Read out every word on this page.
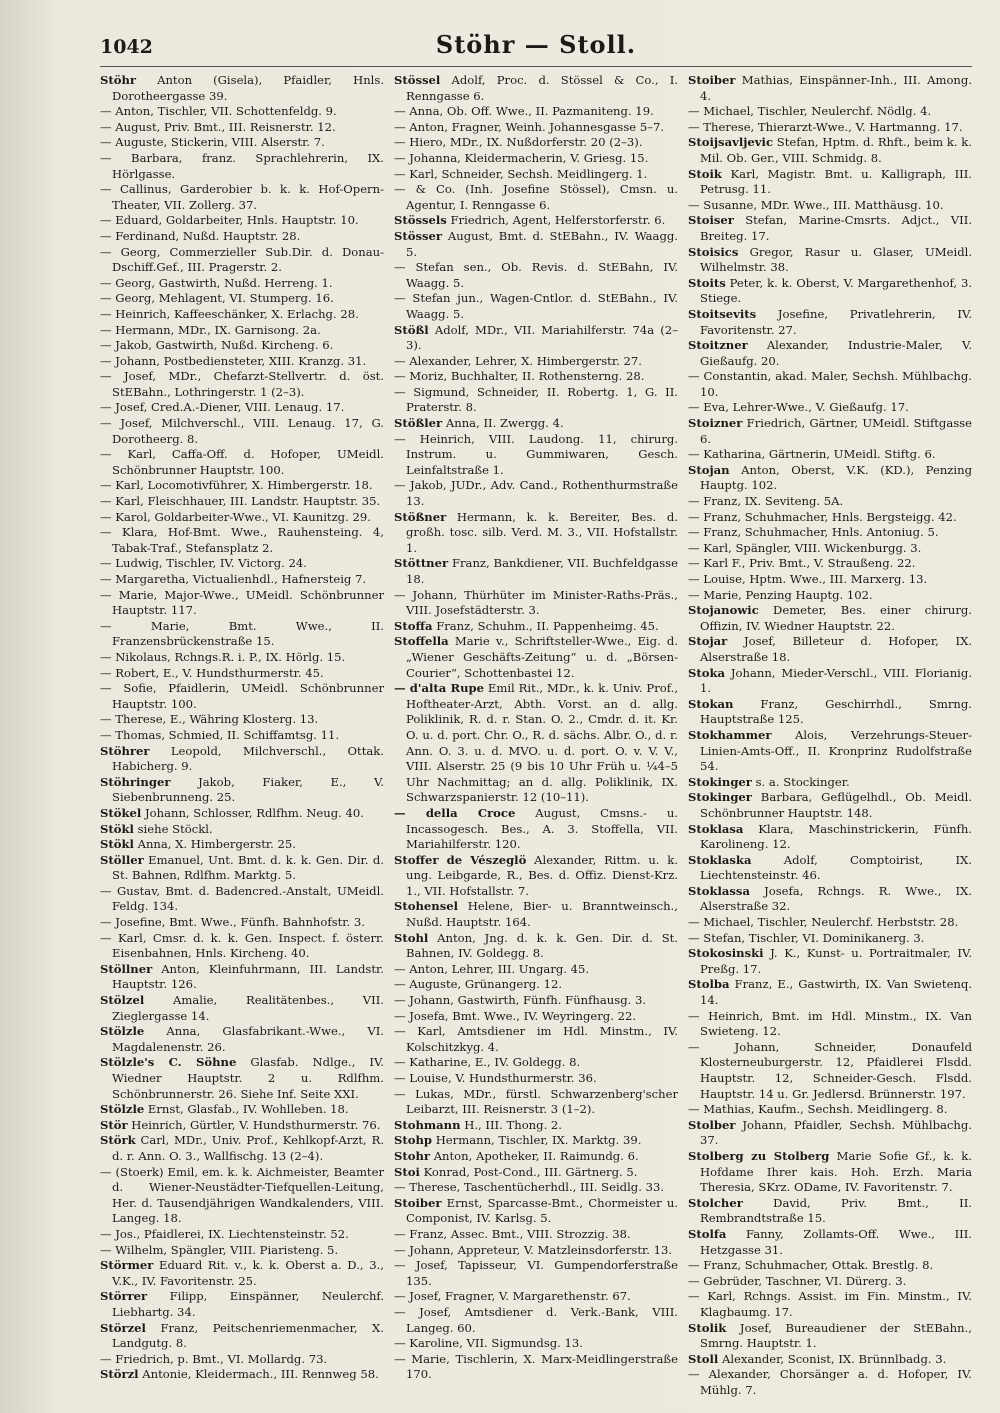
1042	Stöhr — Stoll.

Stöhr Anton (Gisela), Pfaidler, Hnls. Dorotheergasse 39.

— Anton, Tischler, VII. Schottenfeldg. 9.

— August, Priv. Bmt., III. Reisnerstr. 12.

— Auguste, Stickerin, VIII. Alserstr. 7.

— Barbara, franz. Sprachlehrerin, IX. Hörlgasse.

— Callinus, Garderobier b. k. k. Hof-Opern-Theater, VII. Zollerg. 37.

— Eduard, Goldarbeiter, Hnls. Hauptstr. 10.

— Ferdinand, Nußd. Hauptstr. 28.

— Georg, Commerzieller Sub.Dir. d. Donau-Dschiff.Gef., III. Pragerstr. 2.

— Georg, Gastwirth, Nußd. Herreng. 1.

— Georg, Mehlagent, VI. Stumperg. 16.

— Heinrich, Kaffeeschänker, X. Erlachg. 28.

— Hermann, MDr., IX. Garnisong. 2a.

— Jakob, Gastwirth, Nußd. Kircheng. 6.

— Johann, Postbediensteter, XIII. Kranzg. 31.

— Josef, MDr., Chefarzt-Stellvertr. d. öst. StEBahn., Lothringerstr. 1 (2–3).

— Josef, Cred.A.-Diener, VIII. Lenaug. 17.

— Josef, Milchverschl., VIII. Lenaug. 17, G. Dorotheerg. 8.

— Karl, Caffa-Off. d. Hofoper, UMeidl. Schönbrunner Hauptstr. 100.

— Karl, Locomotivführer, X. Himbergerstr. 18.

— Karl, Fleischhauer, III. Landstr. Hauptstr. 35.

— Karol, Goldarbeiter-Wwe., VI. Kaunitzg. 29.

— Klara, Hof-Bmt. Wwe., Rauhensteing. 4, Tabak-Traf., Stefansplatz 2.

— Ludwig, Tischler, IV. Victorg. 24.

— Margaretha, Victualienhdl., Hafnersteig 7.

— Marie, Major-Wwe., UMeidl. Schönbrunner Hauptstr. 117.

— Marie, Bmt. Wwe., II. Franzensbrückenstraße 15.

— Nikolaus, Rchngs.R. i. P., IX. Hörlg. 15.

— Robert, E., V. Hundsthurmerstr. 45.

— Sofie, Pfaidlerin, UMeidl. Schönbrunner Hauptstr. 100.

— Therese, E., Währing Klosterg. 13.

— Thomas, Schmied, II. Schiffamtsg. 11.

Stöhrer Leopold, Milchverschl., Ottak. Habicherg. 9.

Stöhringer Jakob, Fiaker, E., V. Siebenbrunneng. 25.

Stökel Johann, Schlosser, Rdlfhm. Neug. 40.

Stökl siehe Stöckl.

Stökl Anna, X. Himbergerstr. 25.

Stöller Emanuel, Unt. Bmt. d. k. k. Gen. Dir. d. St. Bahnen, Rdlfhm. Marktg. 5.

— Gustav, Bmt. d. Badencred.-Anstalt, UMeidl. Feldg. 134.

— Josefine, Bmt. Wwe., Fünfh. Bahnhofstr. 3.

— Karl, Cmsr. d. k. k. Gen. Inspect. f. österr. Eisenbahnen, Hnls. Kircheng. 40.

Stöllner Anton, Kleinfuhrmann, III. Landstr. Hauptstr. 126.

Stölzel Amalie, Realitätenbes., VII. Zieglergasse 14.

Stölzle Anna, Glasfabrikant.-Wwe., VI. Magdalenenstr. 26.

Stölzle's C. Söhne Glasfab. Ndlge., IV. Wiedner Hauptstr. 2 u. Rdlfhm. Schönbrunnerstr. 26. Siehe Inf. Seite XXI.

Stölzle Ernst, Glasfab., IV. Wohlleben. 18.

Stör Heinrich, Gürtler, V. Hundsthurmerstr. 76.

Störk Carl, MDr., Univ. Prof., Kehlkopf-Arzt, R. d. r. Ann. O. 3., Wallfischg. 13 (2–4).

— (Stoerk) Emil, em. k. k. Aichmeister, Beamter d. Wiener-Neustädter-Tiefquellen-Leitung, Her. d. Tausendjährigen Wandkalenders, VIII. Langeg. 18.

— Jos., Pfaidlerei, IX. Liechtensteinstr. 52.

— Wilhelm, Spängler, VIII. Piaristeng. 5.

Störmer Eduard Rit. v., k. k. Oberst a. D., 3., V.K., IV. Favoritenstr. 25.

Störrer Filipp, Einspänner, Neulerchf. Liebhartg. 34.

Störzel Franz, Peitschenriemenmacher, X. Landgutg. 8.

— Friedrich, p. Bmt., VI. Mollardg. 73.

Störzl Antonie, Kleidermach., III. Rennweg 58.

Stössel Adolf, Proc. d. Stössel & Co., I. Renngasse 6.

— Anna, Ob. Off. Wwe., II. Pazmaniteng. 19.

— Anton, Fragner, Weinh. Johannesgasse 5–7.

— Hiero, MDr., IX. Nußdorferstr. 20 (2–3).

— Johanna, Kleidermacherin, V. Griesg. 15.

— Karl, Schneider, Sechsh. Meidlingerg. 1.

— & Co. (Inh. Josefine Stössel), Cmsn. u. Agentur, I. Renngasse 6.

Stössels Friedrich, Agent, Helferstorferstr. 6.

Stösser August, Bmt. d. StEBahn., IV. Waagg. 5.

— Stefan sen., Ob. Revis. d. StEBahn, IV. Waagg. 5.

— Stefan jun., Wagen-Cntlor. d. StEBahn., IV. Waagg. 5.

Stößl Adolf, MDr., VII. Mariahilferstr. 74a (2–3).

— Alexander, Lehrer, X. Himbergerstr. 27.

— Moriz, Buchhalter, II. Rothensterng. 28.

— Sigmund, Schneider, II. Robertg. 1, G. II. Praterstr. 8.

Stößler Anna, II. Zwergg. 4.

— Heinrich, VIII. Laudong. 11, chirurg. Instrum. u. Gummiwaren, Gesch. Leinfaltstraße 1.

— Jakob, JUDr., Adv. Cand., Rothenthurmstraße 13.

Stößner Hermann, k. k. Bereiter, Bes. d. großh. tosc. silb. Verd. M. 3., VII. Hofstallstr. 1.

Stöttner Franz, Bankdiener, VII. Buchfeldgasse 18.

— Johann, Thürhüter im Minister-Raths-Präs., VIII. Josefstädterstr. 3.

Stoffa Franz, Schuhm., II. Pappenheimg. 45.

Stoffella Marie v., Schriftsteller-Wwe., Eig. d. „Wiener Geschäfts-Zeitung“ u. d. „Börsen-Courier“, Schottenbastei 12.

— d'alta Rupe Emil Rit., MDr., k. k. Univ. Prof., Hoftheater-Arzt, Abth. Vorst. an d. allg. Poliklinik, R. d. r. Stan. O. 2., Cmdr. d. it. Kr. O. u. d. port. Chr. O., R. d. sächs. Albr. O., d. r. Ann. O. 3. u. d. MVO. u. d. port. O. v. V. V., VIII. Alserstr. 25 (9 bis 10 Uhr Früh u. ¼4–5 Uhr Nachmittag; an d. allg. Poliklinik, IX. Schwarzspanierstr. 12 (10–11).

— della Croce August, Cmsns.- u. Incassogesch. Bes., A. 3. Stoffella, VII. Mariahilferstr. 120.

Stoffer de Vészeglö Alexander, Rittm. u. k. ung. Leibgarde, R., Bes. d. Offiz. Dienst-Krz. 1., VII. Hofstallstr. 7.

Stohensel Helene, Bier- u. Branntweinsch., Nußd. Hauptstr. 164.

Stohl Anton, Jng. d. k. k. Gen. Dir. d. St. Bahnen, IV. Goldegg. 8.

— Anton, Lehrer, III. Ungarg. 45.

— Auguste, Grünangerg. 12.

— Johann, Gastwirth, Fünfh. Fünfhausg. 3.

— Josefa, Bmt. Wwe., IV. Weyringerg. 22.

— Karl, Amtsdiener im Hdl. Minstm., IV. Kolschitzkyg. 4.

— Katharine, E., IV. Goldegg. 8.

— Louise, V. Hundsthurmerstr. 36.

— Lukas, MDr., fürstl. Schwarzenberg'scher Leibarzt, III. Reisnerstr. 3 (1–2).

Stohmann H., III. Thong. 2.

Stohp Hermann, Tischler, IX. Marktg. 39.

Stohr Anton, Apotheker, II. Raimundg. 6.

Stoi Konrad, Post-Cond., III. Gärtnerg. 5.

— Therese, Taschentücherhdl., III. Seidlg. 33.

Stoiber Ernst, Sparcasse-Bmt., Chormeister u. Componist, IV. Karlsg. 5.

— Franz, Assec. Bmt., VIII. Strozzig. 38.

— Johann, Appreteur, V. Matzleinsdorferstr. 13.

— Josef, Tapisseur, VI. Gumpendorferstraße 135.

— Josef, Fragner, V. Margarethenstr. 67.

— Josef, Amtsdiener d. Verk.-Bank, VIII. Langeg. 60.

— Karoline, VII. Sigmundsg. 13.

— Marie, Tischlerin, X. Marx-Meidlingerstraße 170.

Stoiber Mathias, Einspänner-Inh., III. Among. 4.

— Michael, Tischler, Neulerchf. Nödlg. 4.

— Therese, Thierarzt-Wwe., V. Hartmanng. 17.

Stoijsavljevic Stefan, Hptm. d. Rhft., beim k. k. Mil. Ob. Ger., VIII. Schmidg. 8.

Stoik Karl, Magistr. Bmt. u. Kalligraph, III. Petrusg. 11.

— Susanne, MDr. Wwe., III. Matthäusg. 10.

Stoiser Stefan, Marine-Cmsrts. Adjct., VII. Breiteg. 17.

Stoisics Gregor, Rasur u. Glaser, UMeidl. Wilhelmstr. 38.

Stoits Peter, k. k. Oberst, V. Margarethenhof, 3. Stiege.

Stoitsevits Josefine, Privatlehrerin, IV. Favoritenstr. 27.

Stoitzner Alexander, Industrie-Maler, V. Gießaufg. 20.

— Constantin, akad. Maler, Sechsh. Mühlbachg. 10.

— Eva, Lehrer-Wwe., V. Gießaufg. 17.

Stoizner Friedrich, Gärtner, UMeidl. Stiftgasse 6.

— Katharina, Gärtnerin, UMeidl. Stiftg. 6.

Stojan Anton, Oberst, V.K. (KD.), Penzing Hauptg. 102.

— Franz, IX. Seviteng. 5A.

— Franz, Schuhmacher, Hnls. Bergsteigg. 42.

— Franz, Schuhmacher, Hnls. Antoniug. 5.

— Karl, Spängler, VIII. Wickenburgg. 3.

— Karl F., Priv. Bmt., V. Straußeng. 22.

— Louise, Hptm. Wwe., III. Marxerg. 13.

— Marie, Penzing Hauptg. 102.

Stojanowic Demeter, Bes. einer chirurg. Offizin, IV. Wiedner Hauptstr. 22.

Stojar Josef, Billeteur d. Hofoper, IX. Alserstraße 18.

Stoka Johann, Mieder-Verschl., VIII. Florianig. 1.

Stokan Franz, Geschirrhdl., Smrng. Hauptstraße 125.

Stokhammer Alois, Verzehrungs-Steuer-Linien-Amts-Off., II. Kronprinz Rudolfstraße 54.

Stokinger s. a. Stockinger.

Stokinger Barbara, Geflügelhdl., Ob. Meidl. Schönbrunner Hauptstr. 148.

Stoklasa Klara, Maschinstrickerin, Fünfh. Karolineng. 12.

Stoklaska	Adolf, Comptoirist, IX. Liechtensteinstr. 46.

Stoklassa Josefa, Rchngs. R. Wwe., IX. Alserstraße 32.

— Michael, Tischler, Neulerchf. Herbststr. 28.

— Stefan, Tischler, VI. Dominikanerg. 3.

Stokosinski J. K., Kunst- u. Portraitmaler, IV. Preßg. 17.

Stolba Franz, E., Gastwirth, IX. Van Swietenq. 14.

— Heinrich, Bmt. im Hdl. Minstm., IX. Van Swieteng. 12.

— Johann, Schneider, Donaufeld Klosterneuburgerstr. 12, Pfaidlerei Flsdd. Hauptstr. 12, Schneider-Gesch. Flsdd. Hauptstr. 14 u. Gr. Jedlersd. Brünnerstr. 197.

— Mathias, Kaufm., Sechsh. Meidlingerg. 8.

Stolber Johann, Pfaidler, Sechsh. Mühlbachg. 37.

Stolberg zu Stolberg Marie Sofie Gf., k. k. Hofdame Ihrer kais. Hoh. Erzh. Maria Theresia, SKrz. ODame, IV. Favoritenstr. 7.

Stolcher	David, Priv. Bmt., II. Rembrandtstraße 15.

Stolfa Fanny, Zollamts-Off. Wwe., III. Hetzgasse 31.

— Franz, Schuhmacher, Ottak. Brestlg. 8.

— Gebrüder, Taschner, VI. Dürerg. 3.

— Karl, Rchngs. Assist. im Fin. Minstm., IV. Klagbaumg. 17.

Stolik Josef, Bureaudiener der StEBahn., Smrng. Hauptstr. 1.

Stoll Alexander, Sconist, IX. Brünnlbadg. 3.

— Alexander, Chorsänger a. d. Hofoper, IV. Mühlg. 7.
